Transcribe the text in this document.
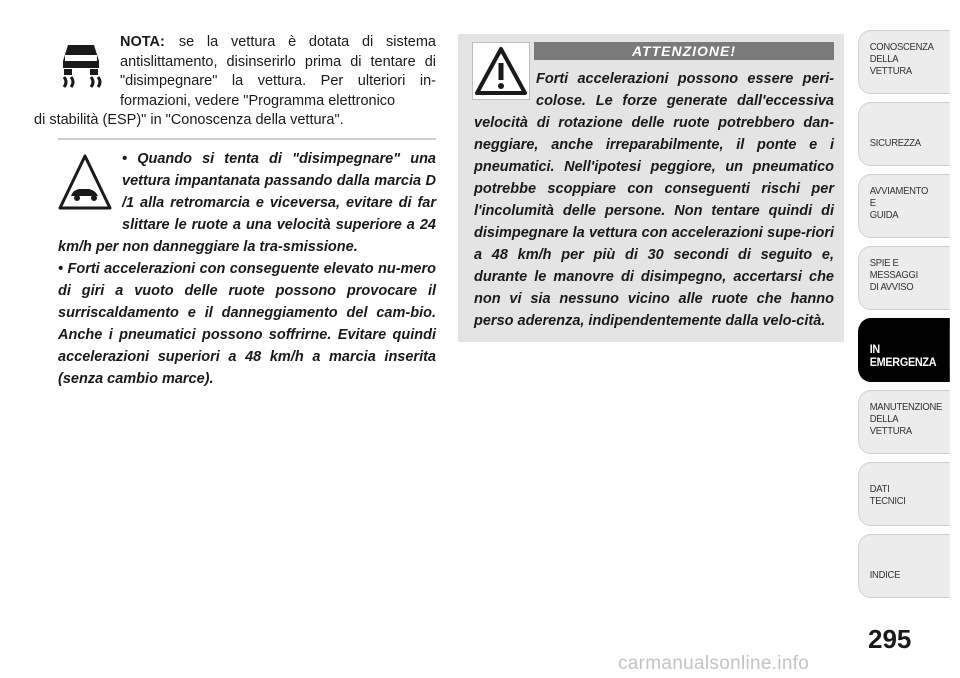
NOTA: se la vettura è dotata di sistema antislittamento, disinserirlo prima di tentare di "disimpegnare" la vettura. Per ulteriori in-formazioni, vedere "Programma elettronico
di stabilità (ESP)" in "Conoscenza della vettura".

• Quando si tenta di "disimpegnare" una vettura impantanata passando dalla marcia D /1 alla retromarcia e viceversa, evitare di far slittare le ruote a una velocità superiore a 24 km/h per non danneggiare la tra-smissione.

• Forti accelerazioni con conseguente elevato nu-mero di giri a vuoto delle ruote possono provocare il surriscaldamento e il danneggiamento del cam-bio. Anche i pneumatici possono soffrirne. Evitare quindi accelerazioni superiori a 48 km/h a marcia inserita (senza cambio marce).

ATTENZIONE!
Forti accelerazioni possono essere peri-colose. Le forze generate dall'eccessiva velocità di rotazione delle ruote potrebbero dan-neggiare, anche irreparabilmente, il ponte e i pneumatici. Nell'ipotesi peggiore, un pneumatico potrebbe scoppiare con conseguenti rischi per l'incolumità delle persone. Non tentare quindi di disimpegnare la vettura con accelerazioni supe-riori a 48 km/h per più di 30 secondi di seguito e, durante le manovre di disimpegno, accertarsi che non vi sia nessuno vicino alle ruote che hanno perso aderenza, indipendentemente dalla velo-cità.
CONOSCENZA
DELLA
VETTURA
SICUREZZA
AVVIAMENTO
E
GUIDA
SPIE E
MESSAGGI
DI AVVISO
IN
EMERGENZA
MANUTENZIONE
DELLA
VETTURA
DATI
TECNICI
INDICE
295
carmanualsonline.info
